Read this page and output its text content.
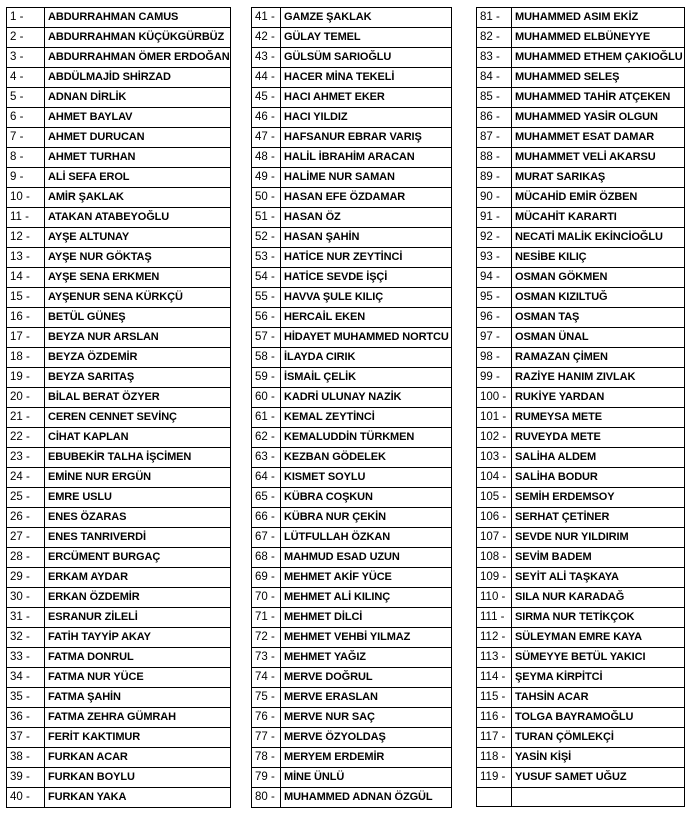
1 -	ABDURRAHMAN CAMUS
2 -	ABDURRAHMAN KÜÇÜKGÜRBÜZ
3 -	ABDURRAHMAN ÖMER ERDOĞAN
4 -	ABDÜLMAJİD SHİRZAD
5 -	ADNAN DİRLİK
6 -	AHMET BAYLAV
7 -	AHMET DURUCAN
8 -	AHMET TURHAN
9 -	ALİ SEFA EROL
10 -	AMİR ŞAKLAK
11 -	ATAKAN ATABEYOĞLU
12 -	AYŞE ALTUNAY
13 -	AYŞE NUR GÖKTAŞ
14 -	AYŞE SENA ERKMEN
15 -	AYŞENUR SENA KÜRKÇÜ
16 -	BETÜL GÜNEŞ
17 -	BEYZA NUR ARSLAN
18 -	BEYZA ÖZDEMİR
19 -	BEYZA SARITAŞ
20 -	BİLAL BERAT ÖZYER
21 -	CEREN CENNET SEVİNÇ
22 -	CİHAT KAPLAN
23 -	EBUBEKİR TALHA İŞCİMEN
24 -	EMİNE NUR ERGÜN
25 -	EMRE USLU
26 -	ENES ÖZARAS
27 -	ENES TANRIVERDİ
28 -	ERCÜMENT BURGAÇ
29 -	ERKAM AYDAR
30 -	ERKAN ÖZDEMİR
31 -	ESRANUR ZİLELİ
32 -	FATİH TAYYİP AKAY
33 -	FATMA DONRUL
34 -	FATMA NUR YÜCE
35 -	FATMA ŞAHİN
36 -	FATMA ZEHRA GÜMRAH
37 -	FERİT KAKTIMUR
38 -	FURKAN ACAR
39 -	FURKAN BOYLU
40 -	FURKAN YAKA
41 -	GAMZE ŞAKLAK
42 -	GÜLAY TEMEL
43 -	GÜLSÜM SARIOĞLU
44 -	HACER MİNA TEKELİ
45 -	HACI AHMET EKER
46 -	HACI YILDIZ
47 -	HAFSANUR EBRAR VARIŞ
48 -	HALİL İBRAHİM ARACAN
49 -	HALİME NUR SAMAN
50 -	HASAN EFE ÖZDAMAR
51 -	HASAN ÖZ
52 -	HASAN ŞAHİN
53 -	HATİCE NUR ZEYTİNCİ
54 -	HATİCE SEVDE İŞÇİ
55 -	HAVVA ŞULE KILIÇ
56 -	HERCAİL EKEN
57 -	HİDAYET MUHAMMED NORTCU
58 -	İLAYDA CIRIK
59 -	İSMAİL ÇELİK
60 -	KADRİ ULUNAY NAZİK
61 -	KEMAL ZEYTİNCİ
62 -	KEMALUDDİN TÜRKMEN
63 -	KEZBAN GÖDELEK
64 -	KISMET SOYLU
65 -	KÜBRA COŞKUN
66 -	KÜBRA NUR ÇEKİN
67 -	LÜTFULLAH ÖZKAN
68 -	MAHMUD ESAD UZUN
69 -	MEHMET AKİF YÜCE
70 -	MEHMET ALİ KILINÇ
71 -	MEHMET DİLCİ
72 -	MEHMET VEHBİ YILMAZ
73 -	MEHMET YAĞIZ
74 -	MERVE DOĞRUL
75 -	MERVE ERASLAN
76 -	MERVE NUR SAÇ
77 -	MERVE ÖZYOLDAŞ
78 -	MERYEM ERDEMİR
79 -	MİNE ÜNLÜ
80 -	MUHAMMED ADNAN ÖZGÜL
81 -	MUHAMMED ASIM EKİZ
82 -	MUHAMMED ELBÜNEYYE
83 -	MUHAMMED ETHEM ÇAKIOĞLU
84 -	MUHAMMED SELEŞ
85 -	MUHAMMED TAHİR ATÇEKEN
86 -	MUHAMMED YASİR OLGUN
87 -	MUHAMMET ESAT DAMAR
88 -	MUHAMMET VELİ AKARSU
89 -	MURAT SARIKAŞ
90 -	MÜCAHİD EMİR ÖZBEN
91 -	MÜCAHİT KARARTI
92 -	NECATİ MALİK EKİNCİOĞLU
93 -	NESİBE KILIÇ
94 -	OSMAN GÖKMEN
95 -	OSMAN KIZILTUĞ
96 -	OSMAN TAŞ
97 -	OSMAN ÜNAL
98 -	RAMAZAN ÇİMEN
99 -	RAZİYE HANIM ZIVLAK
100 -	RUKİYE YARDAN
101 -	RUMEYSA METE
102 -	RUVEYDA METE
103 -	SALİHA ALDEM
104 -	SALİHA BODUR
105 -	SEMİH ERDEMSOY
106 -	SERHAT ÇETİNER
107 -	SEVDE NUR YILDIRIM
108 -	SEVİM BADEM
109 -	SEYİT ALİ TAŞKAYA
110 -	SILA NUR KARADAĞ
111 -	SIRMA NUR TETİKÇOK
112 -	SÜLEYMAN EMRE KAYA
113 -	SÜMEYYE BETÜL YAKICI
114 -	ŞEYMA KİRPİTCİ
115 -	TAHSİN ACAR
116 -	TOLGA BAYRAMOĞLU
117 -	TURAN ÇÖMLEKÇİ
118 -	YASİN KİŞİ
119 -	YUSUF SAMET UĞUZ
